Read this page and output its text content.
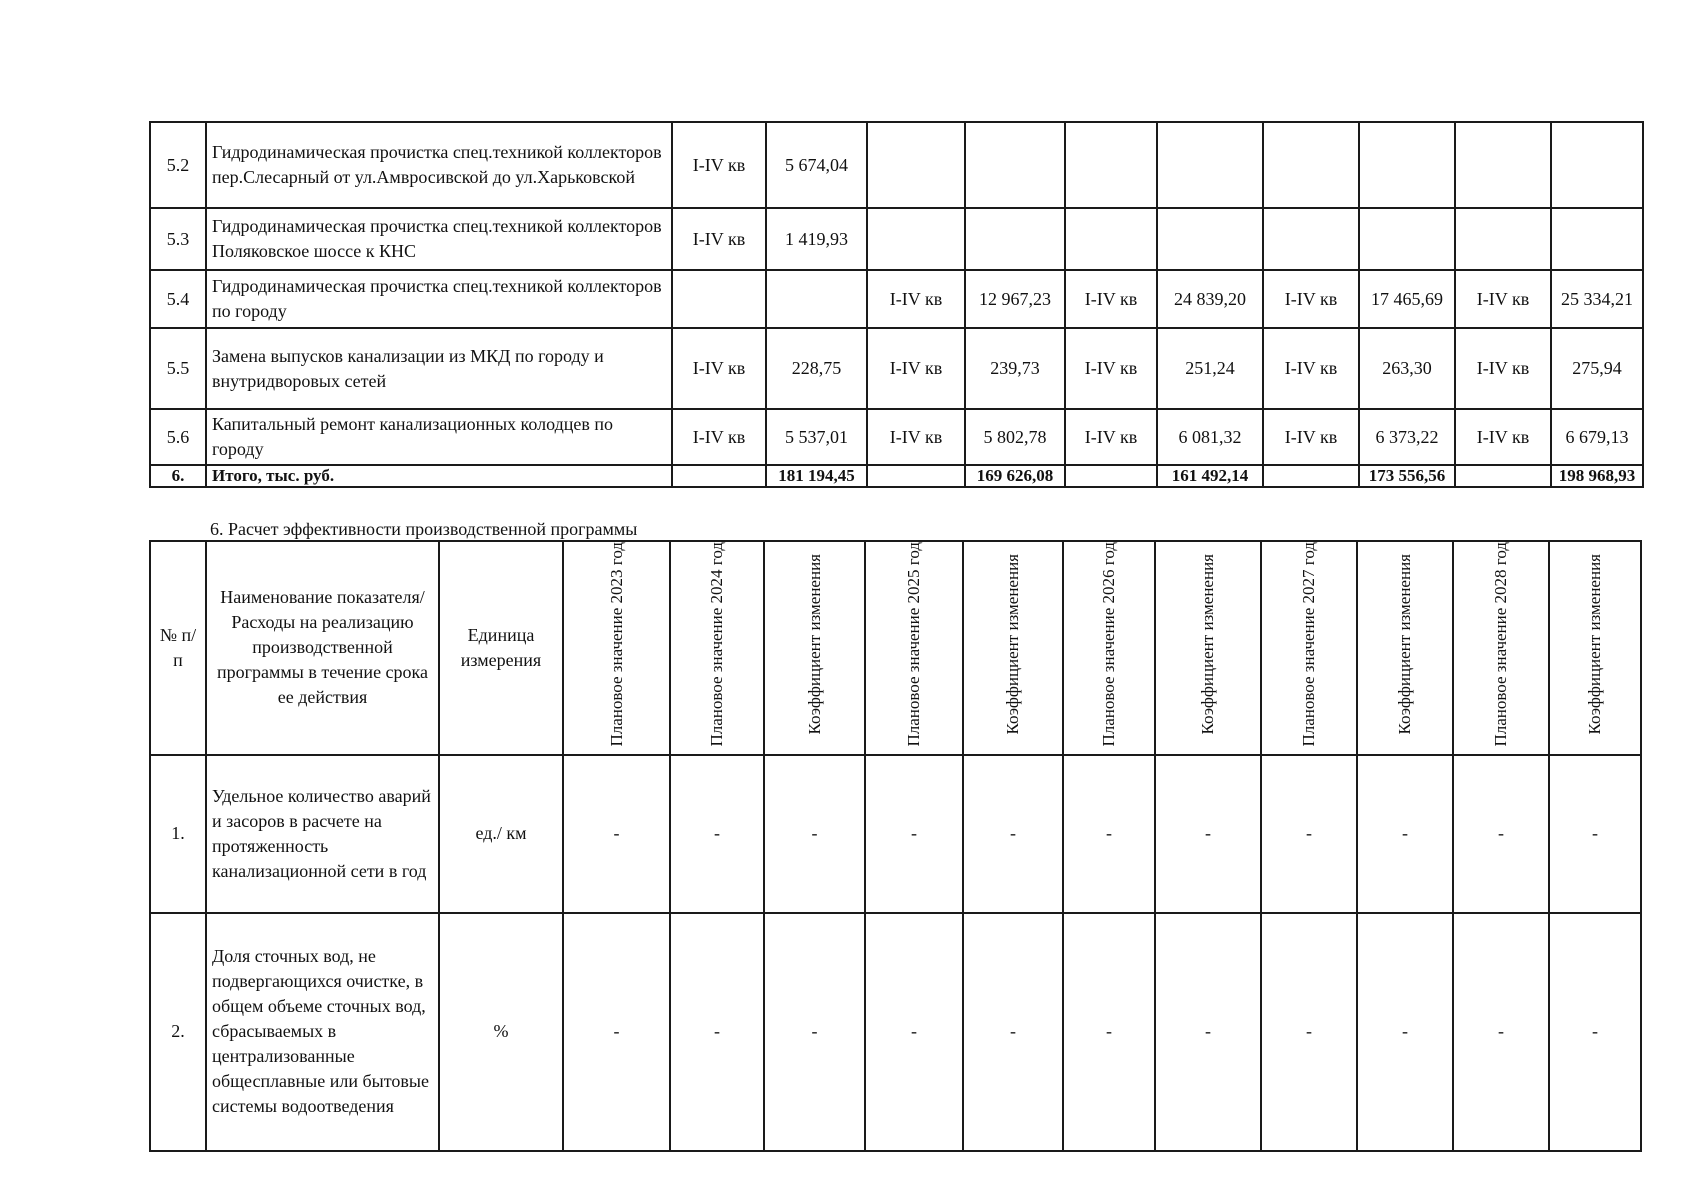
5.2	Гидродинамическая прочистка спец.техникой коллекторов пер.Слесарный от ул.Амвросивской до ул.Харьковской	I-IV кв	5 674,04								
5.3	Гидродинамическая прочистка спец.техникой коллекторов Поляковское шоссе к КНС	I-IV кв	1 419,93								
5.4	Гидродинамическая прочистка спец.техникой коллекторов по городу			I-IV кв	12 967,23	I-IV кв	24 839,20	I-IV кв	17 465,69	I-IV кв	25 334,21
5.5	Замена выпусков канализации из МКД по городу и внутридворовых сетей	I-IV кв	228,75	I-IV кв	239,73	I-IV кв	251,24	I-IV кв	263,30	I-IV кв	275,94
5.6	Капитальный ремонт канализационных колодцев по городу	I-IV кв	5 537,01	I-IV кв	5 802,78	I-IV кв	6 081,32	I-IV кв	6 373,22	I-IV кв	6 679,13
6.	Итого, тыс. руб.		181 194,45		169 626,08		161 492,14		173 556,56		198 968,93
6. Расчет эффективности производственной программы
№ п/п	Наименование показателя/Расходы на реализацию производственной программы в течение срока ее действия	Единица измерения	Плановое значение 2023 год	Плановое значение 2024 год	Коэффициент изменения	Плановое значение 2025 год	Коэффициент изменения	Плановое значение 2026 год	Коэффициент изменения	Плановое значение 2027 год	Коэффициент изменения	Плановое значение 2028 год	Коэффициент изменения
1.	Удельное количество аварий и засоров в расчете на протяженность канализационной сети в год	ед./ км	-	-	-	-	-	-	-	-	-	-	-
2.	Доля сточных вод, не подвергающихся очистке, в общем объеме сточных вод, сбрасываемых в централизованные общесплавные или бытовые системы водоотведения	%	-	-	-	-	-	-	-	-	-	-	-
